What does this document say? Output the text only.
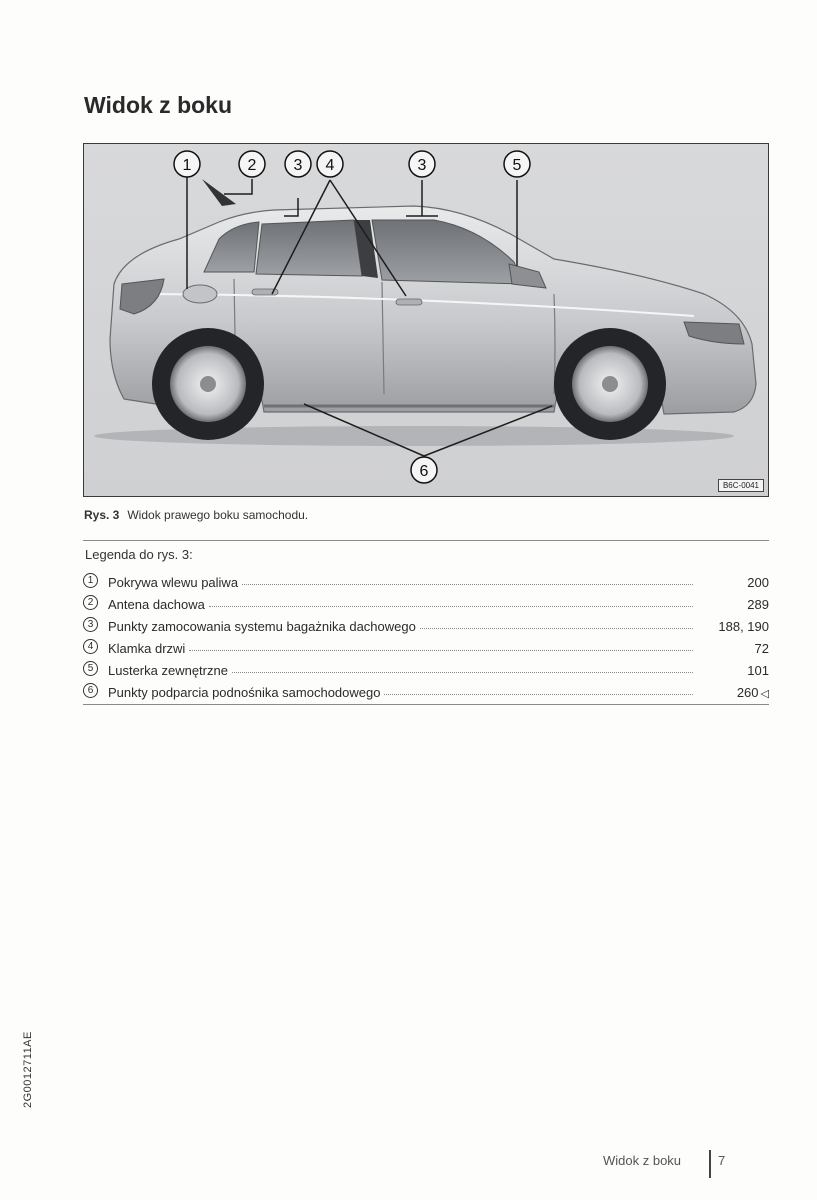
Widok z boku
1	2 3 4	3	5
6
B6C-0041
Rys. 3 Widok prawego boku samochodu.
Legenda do rys. 3:
1	Pokrywa wlewu paliwa	200
2	Antena dachowa	289
3	Punkty zamocowania systemu bagażnika dachowego	188, 190
4	Klamka drzwi	72
5	Lusterka zewnętrzne	101
6	Punkty podparcia podnośnika samochodowego	260 ◁
2G0012711AE
Widok z boku	7
